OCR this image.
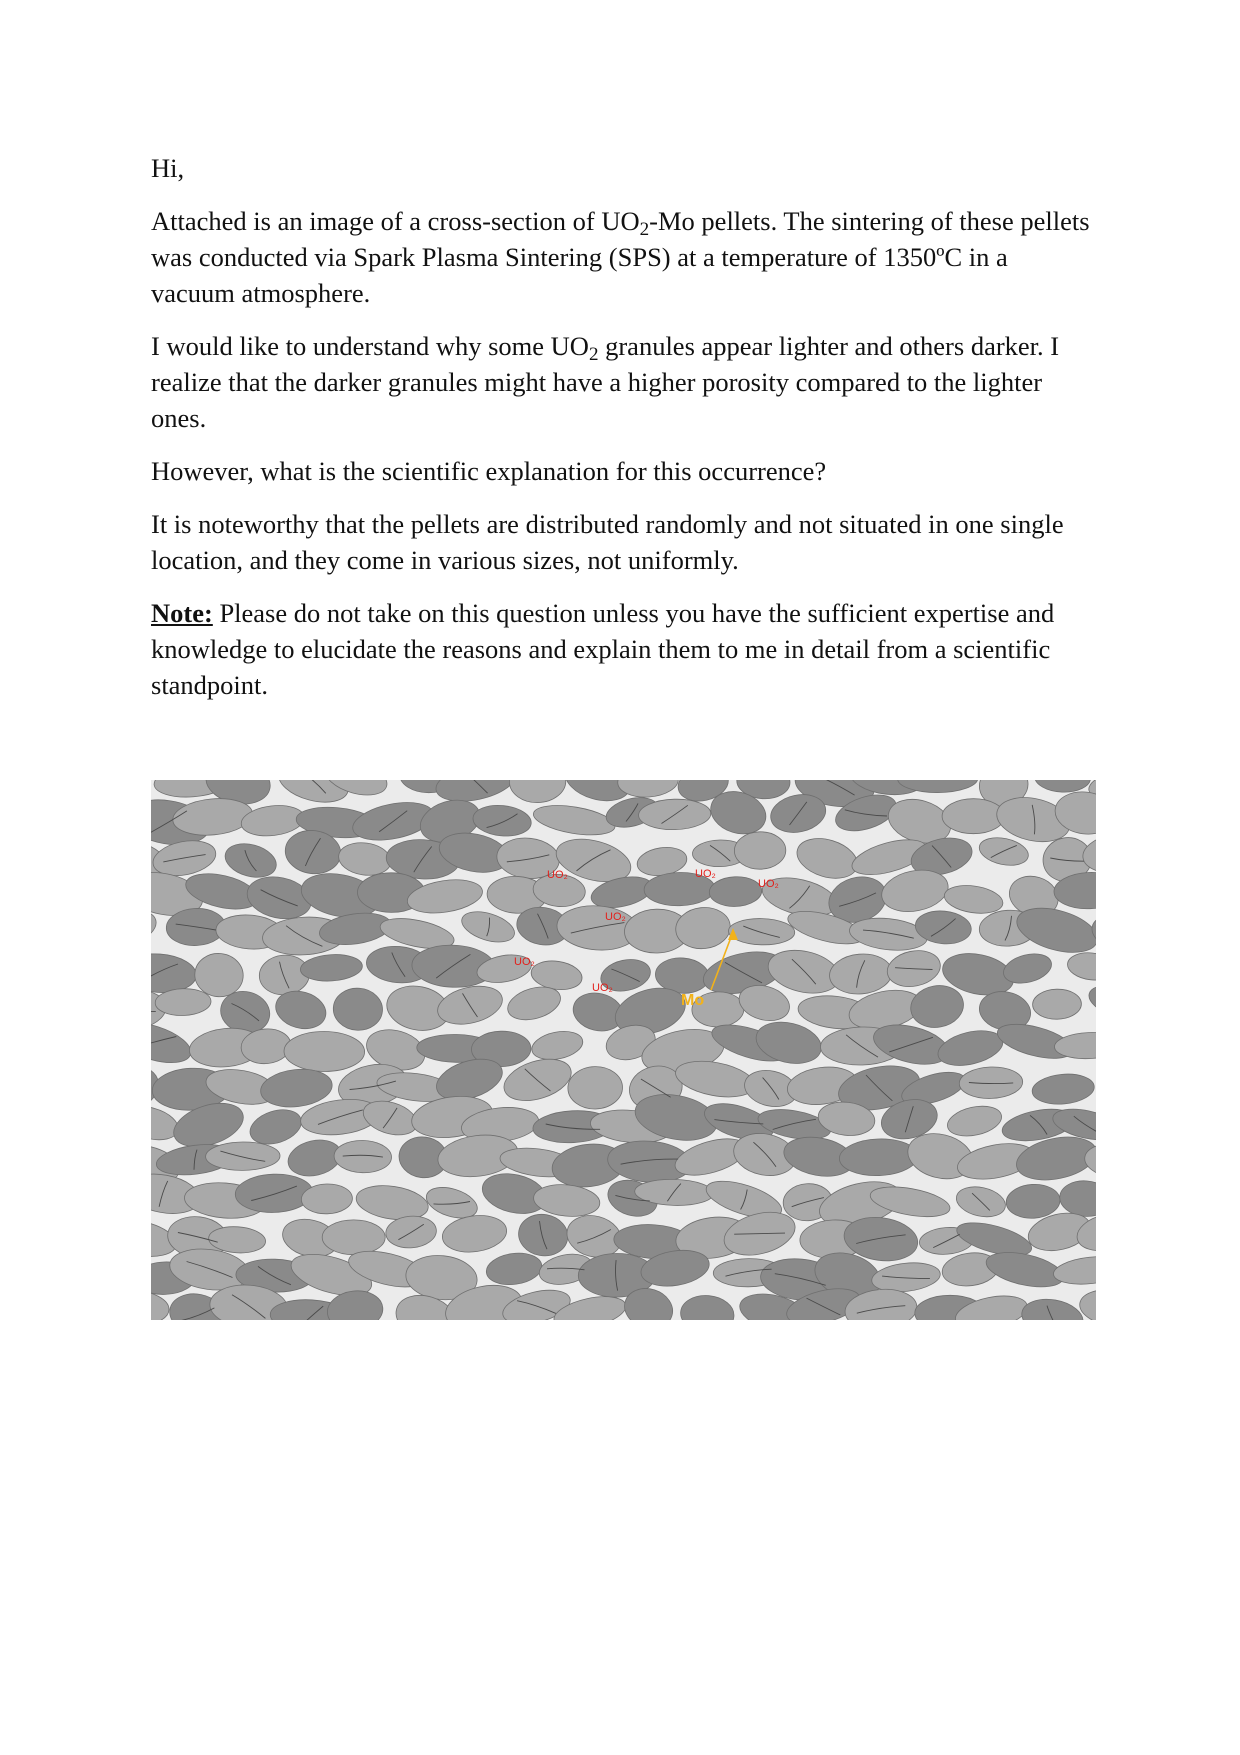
Hi,

Attached is an image of a cross-section of $UO_2-Mo$ pellets. The sintering of these pellets was conducted via Spark Plasma Sintering (SPS) at a temperature of 1350ºC in a vacuum atmosphere.

I would like to understand why some $UO_2$ granules appear lighter and others darker. I realize that the darker granules might have a higher porosity compared to the lighter ones.

However, what is the scientific explanation for this occurrence?

It is noteworthy that the pellets are distributed randomly and not situated in one single location, and they come in various sizes, not uniformly.

Note: Please do not take on this question unless you have the sufficient expertise and knowledge to elucidate the reasons and explain them to me in detail from a scientific standpoint.

UO₂
UO₂
UO₂
UO₂
UO₂
UO₂
Mo
